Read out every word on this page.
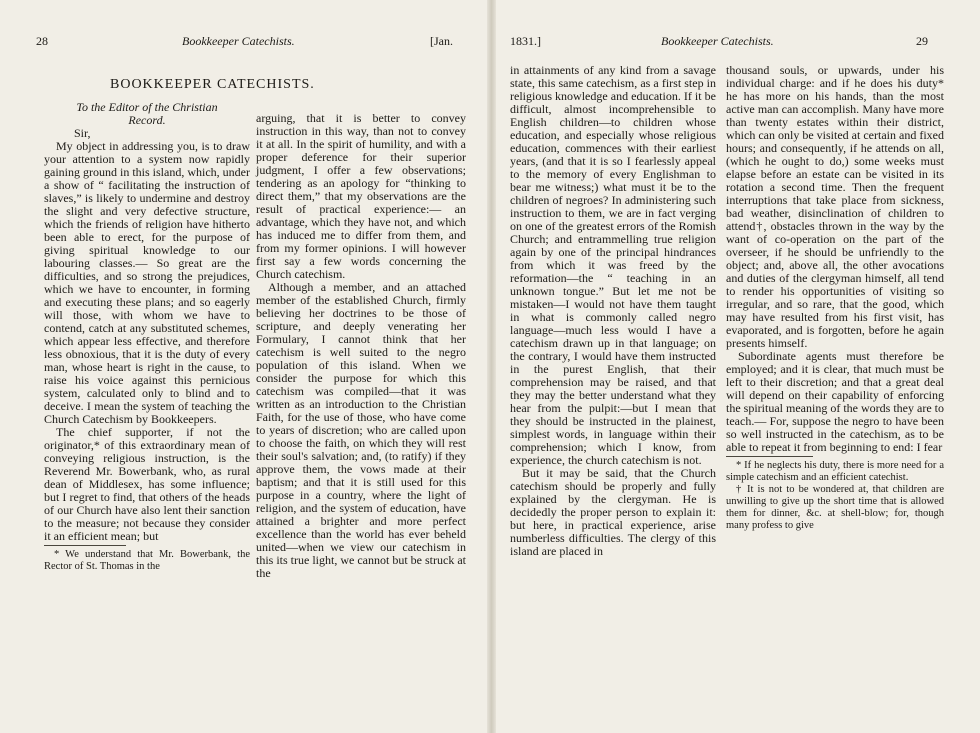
28	Bookkeeper Catechists.	[Jan.	1831.]	Bookkeeper Catechists.	29

BOOKKEEPER CATECHISTS.

To the Editor of the Christian

Record.

Sir,

My object in addressing you, is to draw your attention to a system now rapidly gaining ground in this island, which, under a show of “ facilitating the instruction of slaves,” is likely to undermine and destroy the slight and very defective structure, which the friends of religion have hitherto been able to erect, for the purpose of giving spiritual knowledge to our labouring classes.— So great are the difficulties, and so strong the prejudices, which we have to encounter, in forming and executing these plans; and so eagerly will those, with whom we have to contend, catch at any substituted schemes, which appear less effective, and therefore less obnoxious, that it is the duty of every man, whose heart is right in the cause, to raise his voice against this pernicious system, calculated only to blind and to deceive. I mean the system of teaching the Church Catechism by Bookkeepers.

The chief supporter, if not the originator,* of this extraordinary mean of conveying religious instruction, is the Reverend Mr. Bowerbank, who, as rural dean of Middlesex, has some influence; but I regret to find, that others of the heads of our Church have also lent their sanction to the measure; not because they consider it an efficient mean; but

* We understand that Mr. Bowerbank, the Rector of St. Thomas in the

arguing, that it is better to convey instruction in this way, than not to convey it at all. In the spirit of humility, and with a proper deference for their superior judgment, I offer a few observations; tendering as an apology for “thinking to direct them,” that my observations are the result of practical experience:— an advantage, which they have not, and which has induced me to differ from them, and from my former opinions. I will however first say a few words concerning the Church catechism.

Although a member, and an attached member of the established Church, firmly believing her doctrines to be those of scripture, and deeply venerating her Formulary, I cannot think that her catechism is well suited to the negro population of this island. When we consider the purpose for which this catechism was compiled—that it was written as an introduction to the Christian Faith, for the use of those, who have come to years of discretion; who are called upon to choose the faith, on which they will rest their soul's salvation; and, (to ratify) if they approve them, the vows made at their baptism; and that it is still used for this purpose in a country, where the light of religion, and the system of education, have attained a brighter and more perfect excellence than the world has ever beheld united—when we view our catechism in this its true light, we cannot but be struck at the

in attainments of any kind from a savage state, this same catechism, as a first step in religious knowledge and education. If it be difficult, almost incomprehensible to English children—to children whose education, and especially whose religious education, commences with their earliest years, (and that it is so I fearlessly appeal to the memory of every Englishman to bear me witness;) what must it be to the children of negroes? In administering such instruction to them, we are in fact verging on one of the greatest errors of the Romish Church; and entrammelling true religion again by one of the principal hindrances from which it was freed by the reformation—the “ teaching in an unknown tongue.” But let me not be mistaken—I would not have them taught in what is commonly called negro language—much less would I have a catechism drawn up in that language; on the contrary, I would have them instructed in the purest English, that their comprehension may be raised, and that they may the better understand what they hear from the pulpit:—but I mean that they should be instructed in the plainest, simplest words, in language within their comprehension; which I know, from experience, the church catechism is not.

But it may be said, that the Church catechism should be properly and fully explained by the clergyman. He is decidedly the proper person to explain it: but here, in practical experience, arise numberless difficulties. The clergy of this island are placed in

thousand souls, or upwards, under his individual charge: and if he does his duty* he has more on his hands, than the most active man can accomplish. Many have more than twenty estates within their district, which can only be visited at certain and fixed hours; and consequently, if he attends on all, (which he ought to do,) some weeks must elapse before an estate can be visited in its rotation a second time. Then the frequent interruptions that take place from sickness, bad weather, disinclination of children to attend†, obstacles thrown in the way by the want of co-operation on the part of the overseer, if he should be unfriendly to the object; and, above all, the other avocations and duties of the clergyman himself, all tend to render his opportunities of visiting so irregular, and so rare, that the good, which may have resulted from his first visit, has evaporated, and is forgotten, before he again presents himself.

Subordinate agents must therefore be employed; and it is clear, that much must be left to their discretion; and that a great deal will depend on their capability of enforcing the spiritual meaning of the words they are to teach.— For, suppose the negro to have been so well instructed in the catechism, as to be able to repeat it from beginning to end: I fear

* If he neglects his duty, there is more need for a simple catechism and an efficient catechist.

† It is not to be wondered at, that children are unwilling to give up the short time that is allowed them for dinner, &c. at shell-blow; for, though many profess to give
